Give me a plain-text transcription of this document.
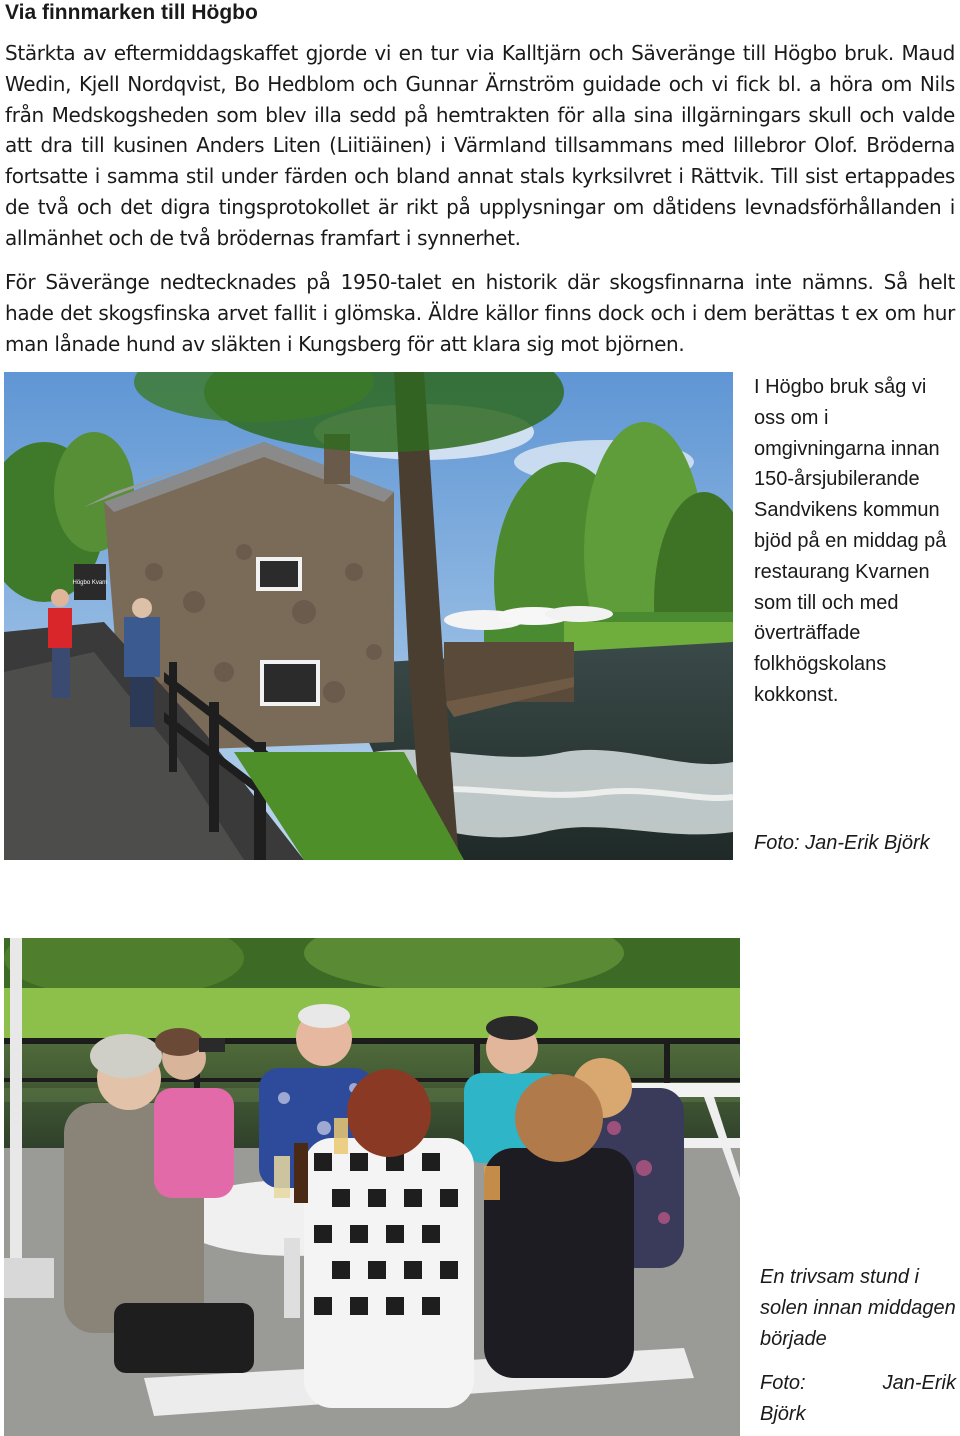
Via finnmarken till Högbo

Stärkta av eftermiddagskaffet gjorde vi en tur via Kalltjärn och Säveränge till Högbo bruk. Maud Wedin, Kjell Nordqvist, Bo Hedblom och Gunnar Ärnström guidade och vi fick bl. a höra om Nils från Medskogsheden som blev illa sedd på hemtrakten för alla sina illgärningars skull och valde att dra till kusinen Anders Liten (Liitiäinen) i Värmland tillsammans med lillebror Olof. Bröderna fortsatte i samma stil under färden och bland annat stals kyrksilvret i Rättvik. Till sist ertappades de två och det digra tingsprotokollet är rikt på upplysningar om dåtidens levnadsförhållanden i allmänhet och de två brödernas framfart i synnerhet.

För Säveränge nedtecknades på 1950-talet en historik där skogsfinnarna inte nämns. Så helt hade det skogsfinska arvet fallit i glömska. Äldre källor finns dock och i dem berättas t ex om hur man lånade hund av släkten i Kungsberg för att klara sig mot björnen.

Högbo Kvarn

I Högbo bruk såg vi oss om i omgivningarna innan 150-årsjubilerande Sandvikens kommun bjöd på en middag på restaurang Kvarnen som till och med överträffade folkhögskolans kokkonst.

Foto: Jan-Erik Björk

En trivsam stund i solen innan middagen började

Foto:	Jan-Erik
Björk
